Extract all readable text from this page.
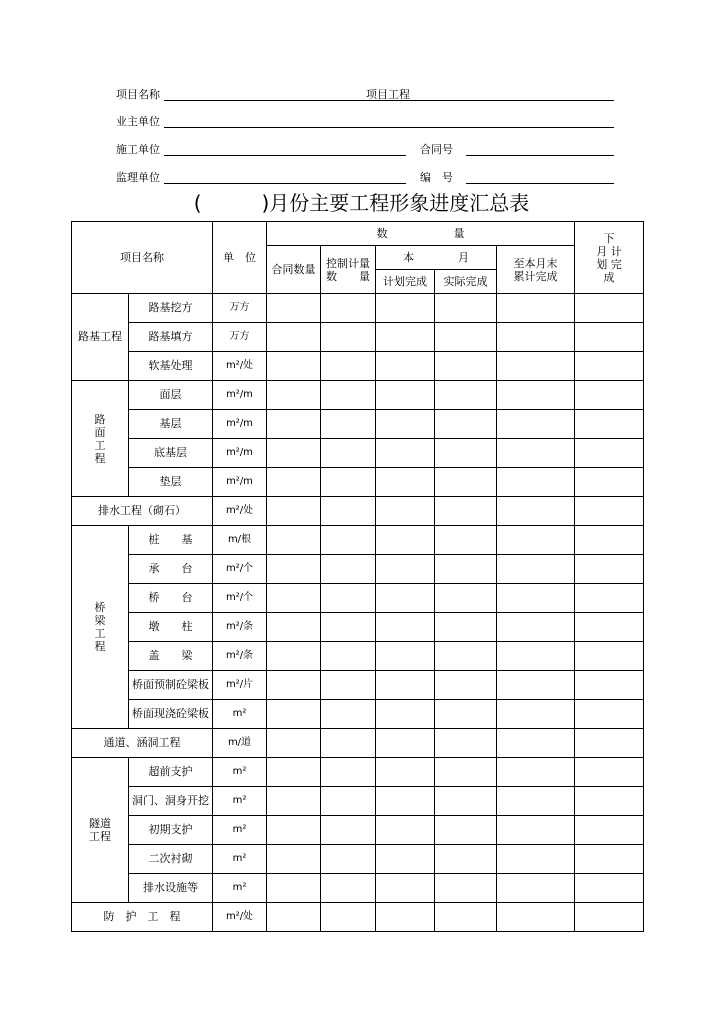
项目名称	项目工程
业主单位
施工单位	合同号
监理单位	编　号
(　　　)月份主要工程形象进度汇总表
项目名称		单　位	数　　　　　　量					下　月 计　划 完　成

			合同数量	控制计量 数　　量	本　　　　月		至本月末 累计完成	

					计划完成	实际完成		
路基工程	路基挖方	万方						
	路基填方	万方						
	软基处理	m²/处						

路面工程	面层	m²/m						
	基层	m²/m						
	底基层	m²/m						
	垫层	m²/m						
排水工程（砌石）		m²/处						

桥梁工程	桩　　基	m/根						
	承　　台	m²/个						
	桥　　台	m²/个						
	墩　　柱	m²/条						
	盖　　梁	m²/条						
	桥面预制砼梁板	m²/片						
	桥面现浇砼梁板	m²						
通道、涵洞工程		m/道						

隧道工程	超前支护	m²						
	洞门、洞身开挖	m²						
	初期支护	m²						
	二次衬砌	m²						
	排水设施等	m²						
防　护　工　程		m²/处						
